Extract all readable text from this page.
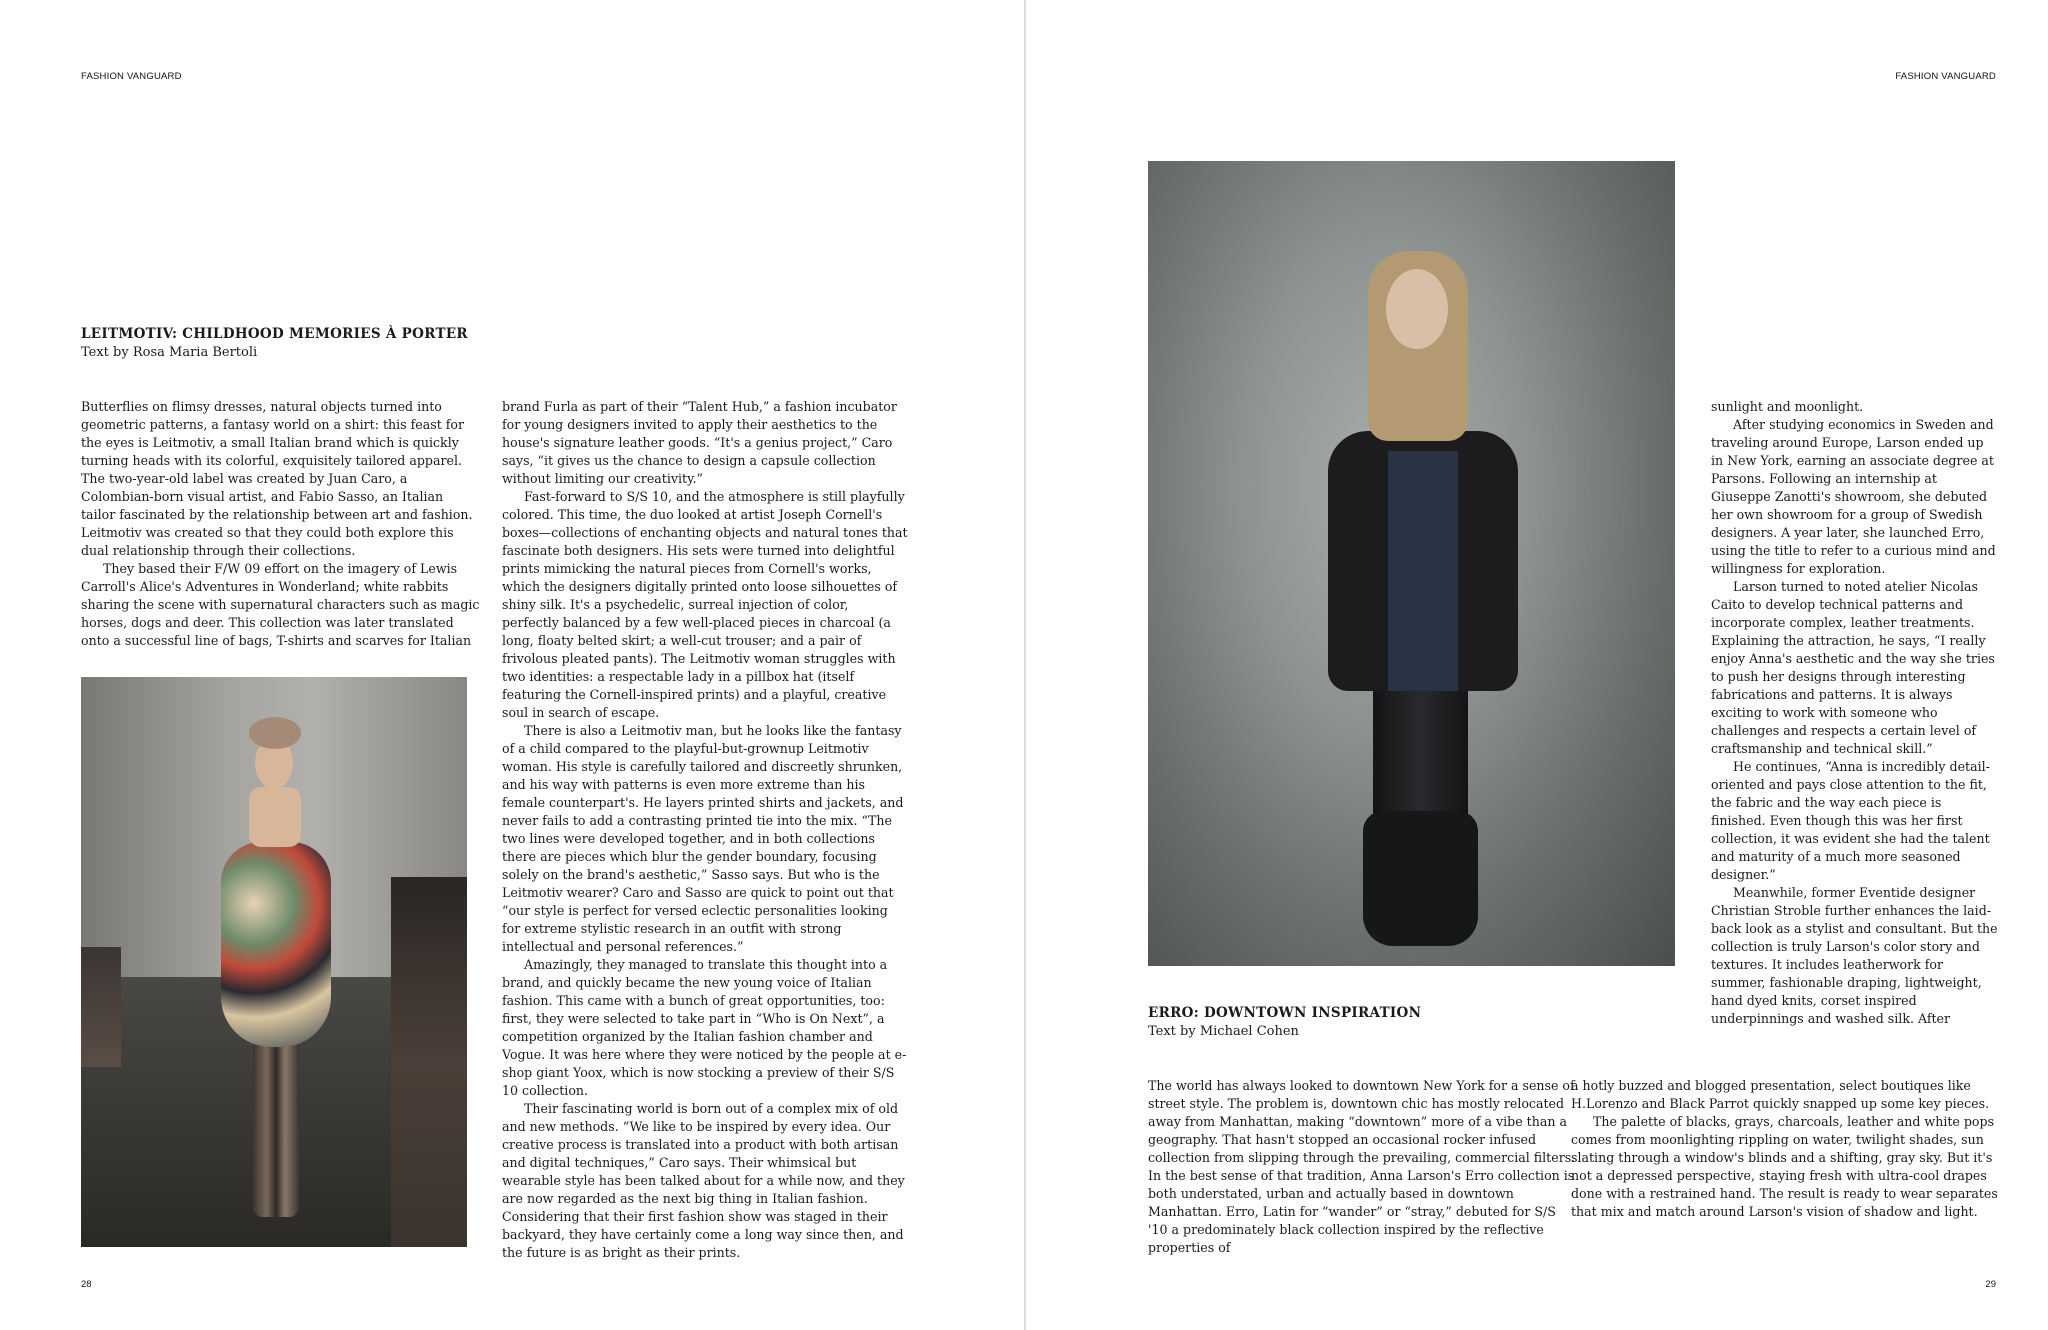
FASHION VANGUARD
LEITMOTIV: CHILDHOOD MEMORIES À PORTER
Text by Rosa Maria Bertoli

Butterflies on flimsy dresses, natural objects turned into geometric patterns, a fantasy world on a shirt: this feast for the eyes is Leitmotiv, a small Italian brand which is quickly turning heads with its colorful, exquisitely tailored apparel. The two-year-old label was created by Juan Caro, a Colombian-born visual artist, and Fabio Sasso, an Italian tailor fascinated by the relationship between art and fashion. Leitmotiv was created so that they could both explore this dual relationship through their collections.

They based their F/W 09 effort on the imagery of Lewis Carroll's Alice's Adventures in Wonderland; white rabbits sharing the scene with supernatural characters such as magic horses, dogs and deer. This collection was later translated onto a successful line of bags, T-shirts and scarves for Italian

brand Furla as part of their “Talent Hub,” a fashion incubator for young designers invited to apply their aesthetics to the house's signature leather goods. “It's a genius project,” Caro says, “it gives us the chance to design a capsule collection without limiting our creativity.”

Fast-forward to S/S 10, and the atmosphere is still playfully colored. This time, the duo looked at artist Joseph Cornell's boxes—collections of enchanting objects and natural tones that fascinate both designers. His sets were turned into delightful prints mimicking the natural pieces from Cornell's works, which the designers digitally printed onto loose silhouettes of shiny silk. It's a psychedelic, surreal injection of color, perfectly balanced by a few well-placed pieces in charcoal (a long, floaty belted skirt; a well-cut trouser; and a pair of frivolous pleated pants). The Leitmotiv woman struggles with two identities: a respectable lady in a pillbox hat (itself featuring the Cornell-inspired prints) and a playful, creative soul in search of escape.

There is also a Leitmotiv man, but he looks like the fantasy of a child compared to the playful-but-grownup Leitmotiv woman. His style is carefully tailored and discreetly shrunken, and his way with patterns is even more extreme than his female counterpart's. He layers printed shirts and jackets, and never fails to add a contrasting printed tie into the mix. “The two lines were developed together, and in both collections there are pieces which blur the gender boundary, focusing solely on the brand's aesthetic,” Sasso says. But who is the Leitmotiv wearer? Caro and Sasso are quick to point out that “our style is perfect for versed eclectic personalities looking for extreme stylistic research in an outfit with strong intellectual and personal references.”

Amazingly, they managed to translate this thought into a brand, and quickly became the new young voice of Italian fashion. This came with a bunch of great opportunities, too: first, they were selected to take part in “Who is On Next”, a competition organized by the Italian fashion chamber and Vogue. It was here where they were noticed by the people at e-shop giant Yoox, which is now stocking a preview of their S/S 10 collection.

Their fascinating world is born out of a complex mix of old and new methods. “We like to be inspired by every idea. Our creative process is translated into a product with both artisan and digital techniques,” Caro says. Their whimsical but wearable style has been talked about for a while now, and they are now regarded as the next big thing in Italian fashion. Considering that their first fashion show was staged in their backyard, they have certainly come a long way since then, and the future is as bright as their prints.

28
FASHION VANGUARD

sunlight and moonlight.

After studying economics in Sweden and traveling around Europe, Larson ended up in New York, earning an associate degree at Parsons. Following an internship at Giuseppe Zanotti's showroom, she debuted her own showroom for a group of Swedish designers. A year later, she launched Erro, using the title to refer to a curious mind and willingness for exploration.

Larson turned to noted atelier Nicolas Caito to develop technical patterns and incorporate complex, leather treatments. Explaining the attraction, he says, “I really enjoy Anna's aesthetic and the way she tries to push her designs through interesting fabrications and patterns. It is always exciting to work with someone who challenges and respects a certain level of craftsmanship and technical skill.”

He continues, “Anna is incredibly detail-oriented and pays close attention to the fit, the fabric and the way each piece is finished. Even though this was her first collection, it was evident she had the talent and maturity of a much more seasoned designer.”

Meanwhile, former Eventide designer Christian Stroble further enhances the laid-back look as a stylist and consultant. But the collection is truly Larson's color story and textures. It includes leatherwork for summer, fashionable draping, lightweight, hand dyed knits, corset inspired underpinnings and washed silk. After

ERRO: DOWNTOWN INSPIRATION
Text by Michael Cohen

The world has always looked to downtown New York for a sense of street style. The problem is, downtown chic has mostly relocated away from Manhattan, making “downtown” more of a vibe than a geography. That hasn't stopped an occasional rocker infused collection from slipping through the prevailing, commercial filters. In the best sense of that tradition, Anna Larson's Erro collection is both understated, urban and actually based in downtown Manhattan. Erro, Latin for “wander” or “stray,” debuted for S/S '10 a predominately black collection inspired by the reflective properties of

a hotly buzzed and blogged presentation, select boutiques like H.Lorenzo and Black Parrot quickly snapped up some key pieces.

The palette of blacks, grays, charcoals, leather and white pops comes from moonlighting rippling on water, twilight shades, sun slating through a window's blinds and a shifting, gray sky. But it's not a depressed perspective, staying fresh with ultra-cool drapes done with a restrained hand. The result is ready to wear separates that mix and match around Larson's vision of shadow and light.

29
